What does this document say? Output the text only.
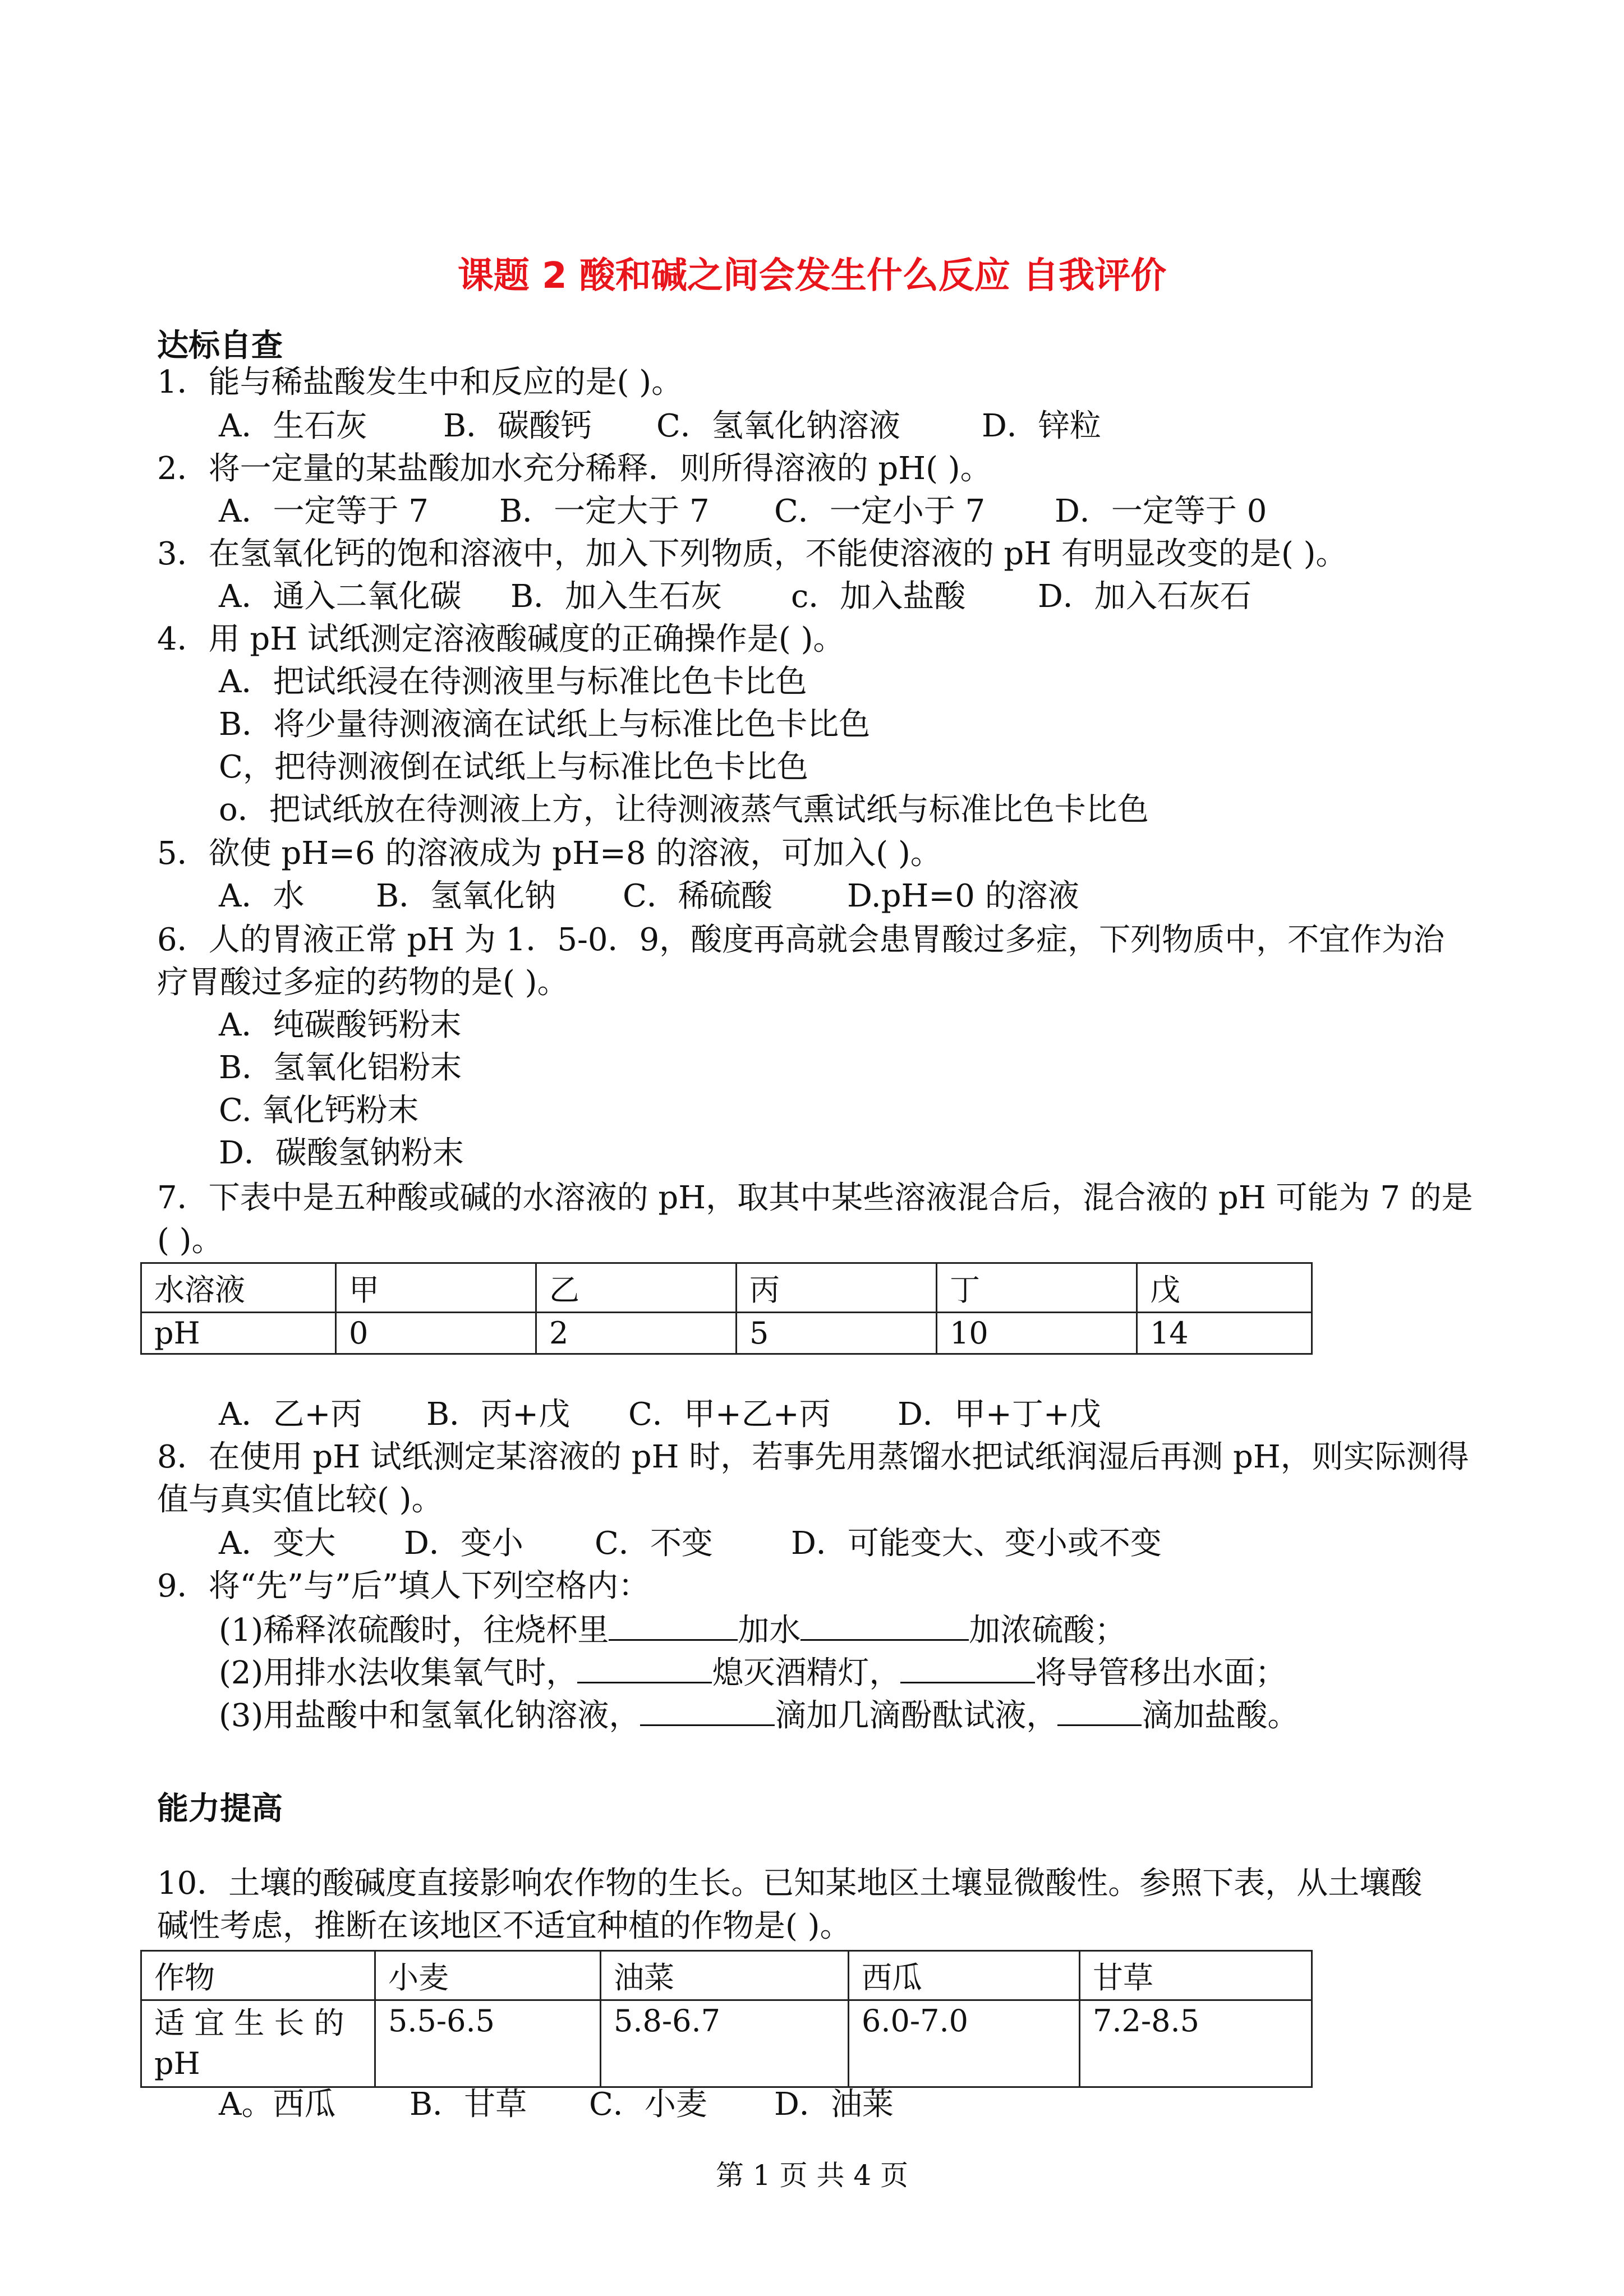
课题 2 酸和碱之间会发生什么反应 自我评价
达标自查
1．能与稀盐酸发生中和反应的是( )。
A．生石灰 B．碳酸钙 C．氢氧化钠溶液	D．锌粒
2．将一定量的某盐酸加水充分稀释．则所得溶液的 pH( )。
A．一定等于 7 B．一定大于 7 C．一定小于 7 D．一定等于 0
3．在氢氧化钙的饱和溶液中，加入下列物质，不能使溶液的 pH 有明显改变的是( )。
A．通入二氧化碳 B．加入生石灰 c．加入盐酸 D．加入石灰石
4．用 pH 试纸测定溶液酸碱度的正确操作是( )。
A．把试纸浸在待测液里与标准比色卡比色
B．将少量待测液滴在试纸上与标准比色卡比色
C，把待测液倒在试纸上与标准比色卡比色
o．把试纸放在待测液上方，让待测液蒸气熏试纸与标准比色卡比色
5．欲使 pH=6 的溶液成为 pH=8 的溶液，可加入( )。
A．水 B．氢氧化钠 C．稀硫酸 D.pH=0 的溶液
6．人的胃液正常 pH 为 1．5-0．9，酸度再高就会患胃酸过多症，下列物质中，不宜作为治
疗胃酸过多症的药物的是( )。
A．纯碳酸钙粉末
B．氢氧化铝粉末
C. 氧化钙粉末
D．碳酸氢钠粉末
7．下表中是五种酸或碱的水溶液的 pH，取其中某些溶液混合后，混合液的 pH 可能为 7 的是
( )。
水溶液	甲	乙	丙	丁	戊
pH	0	2	5	10	14
A．乙+丙 B．丙+戊 C．甲+乙+丙 D．甲+丁+戊
8．在使用 pH 试纸测定某溶液的 pH 时，若事先用蒸馏水把试纸润湿后再测 pH，则实际测得
值与真实值比较( )。
A．变大 D．变小 C．不变 D．可能变大、变小或不变
9．将“先”与”后”填人下列空格内：
(1)稀释浓硫酸时，往烧杯里	加水	加浓硫酸；
(2)用排水法收集氧气时，	熄灭酒精灯，	将导管移出水面；
(3)用盐酸中和氢氧化钠溶液，	滴加几滴酚酞试液，	滴加盐酸。
能力提高
10．土壤的酸碱度直接影响农作物的生长。已知某地区土壤显微酸性。参照下表，从土壤酸
碱性考虑，推断在该地区不适宜种植的作物是( )。
作物	小麦	油菜	西瓜	甘草
适 宜 生 长 的 pH	5.5-6.5	5.8-6.7	6.0-7.0	7.2-8.5
A。西瓜 B．甘草 C．小麦 D．油莱
第 1 页 共 4 页
